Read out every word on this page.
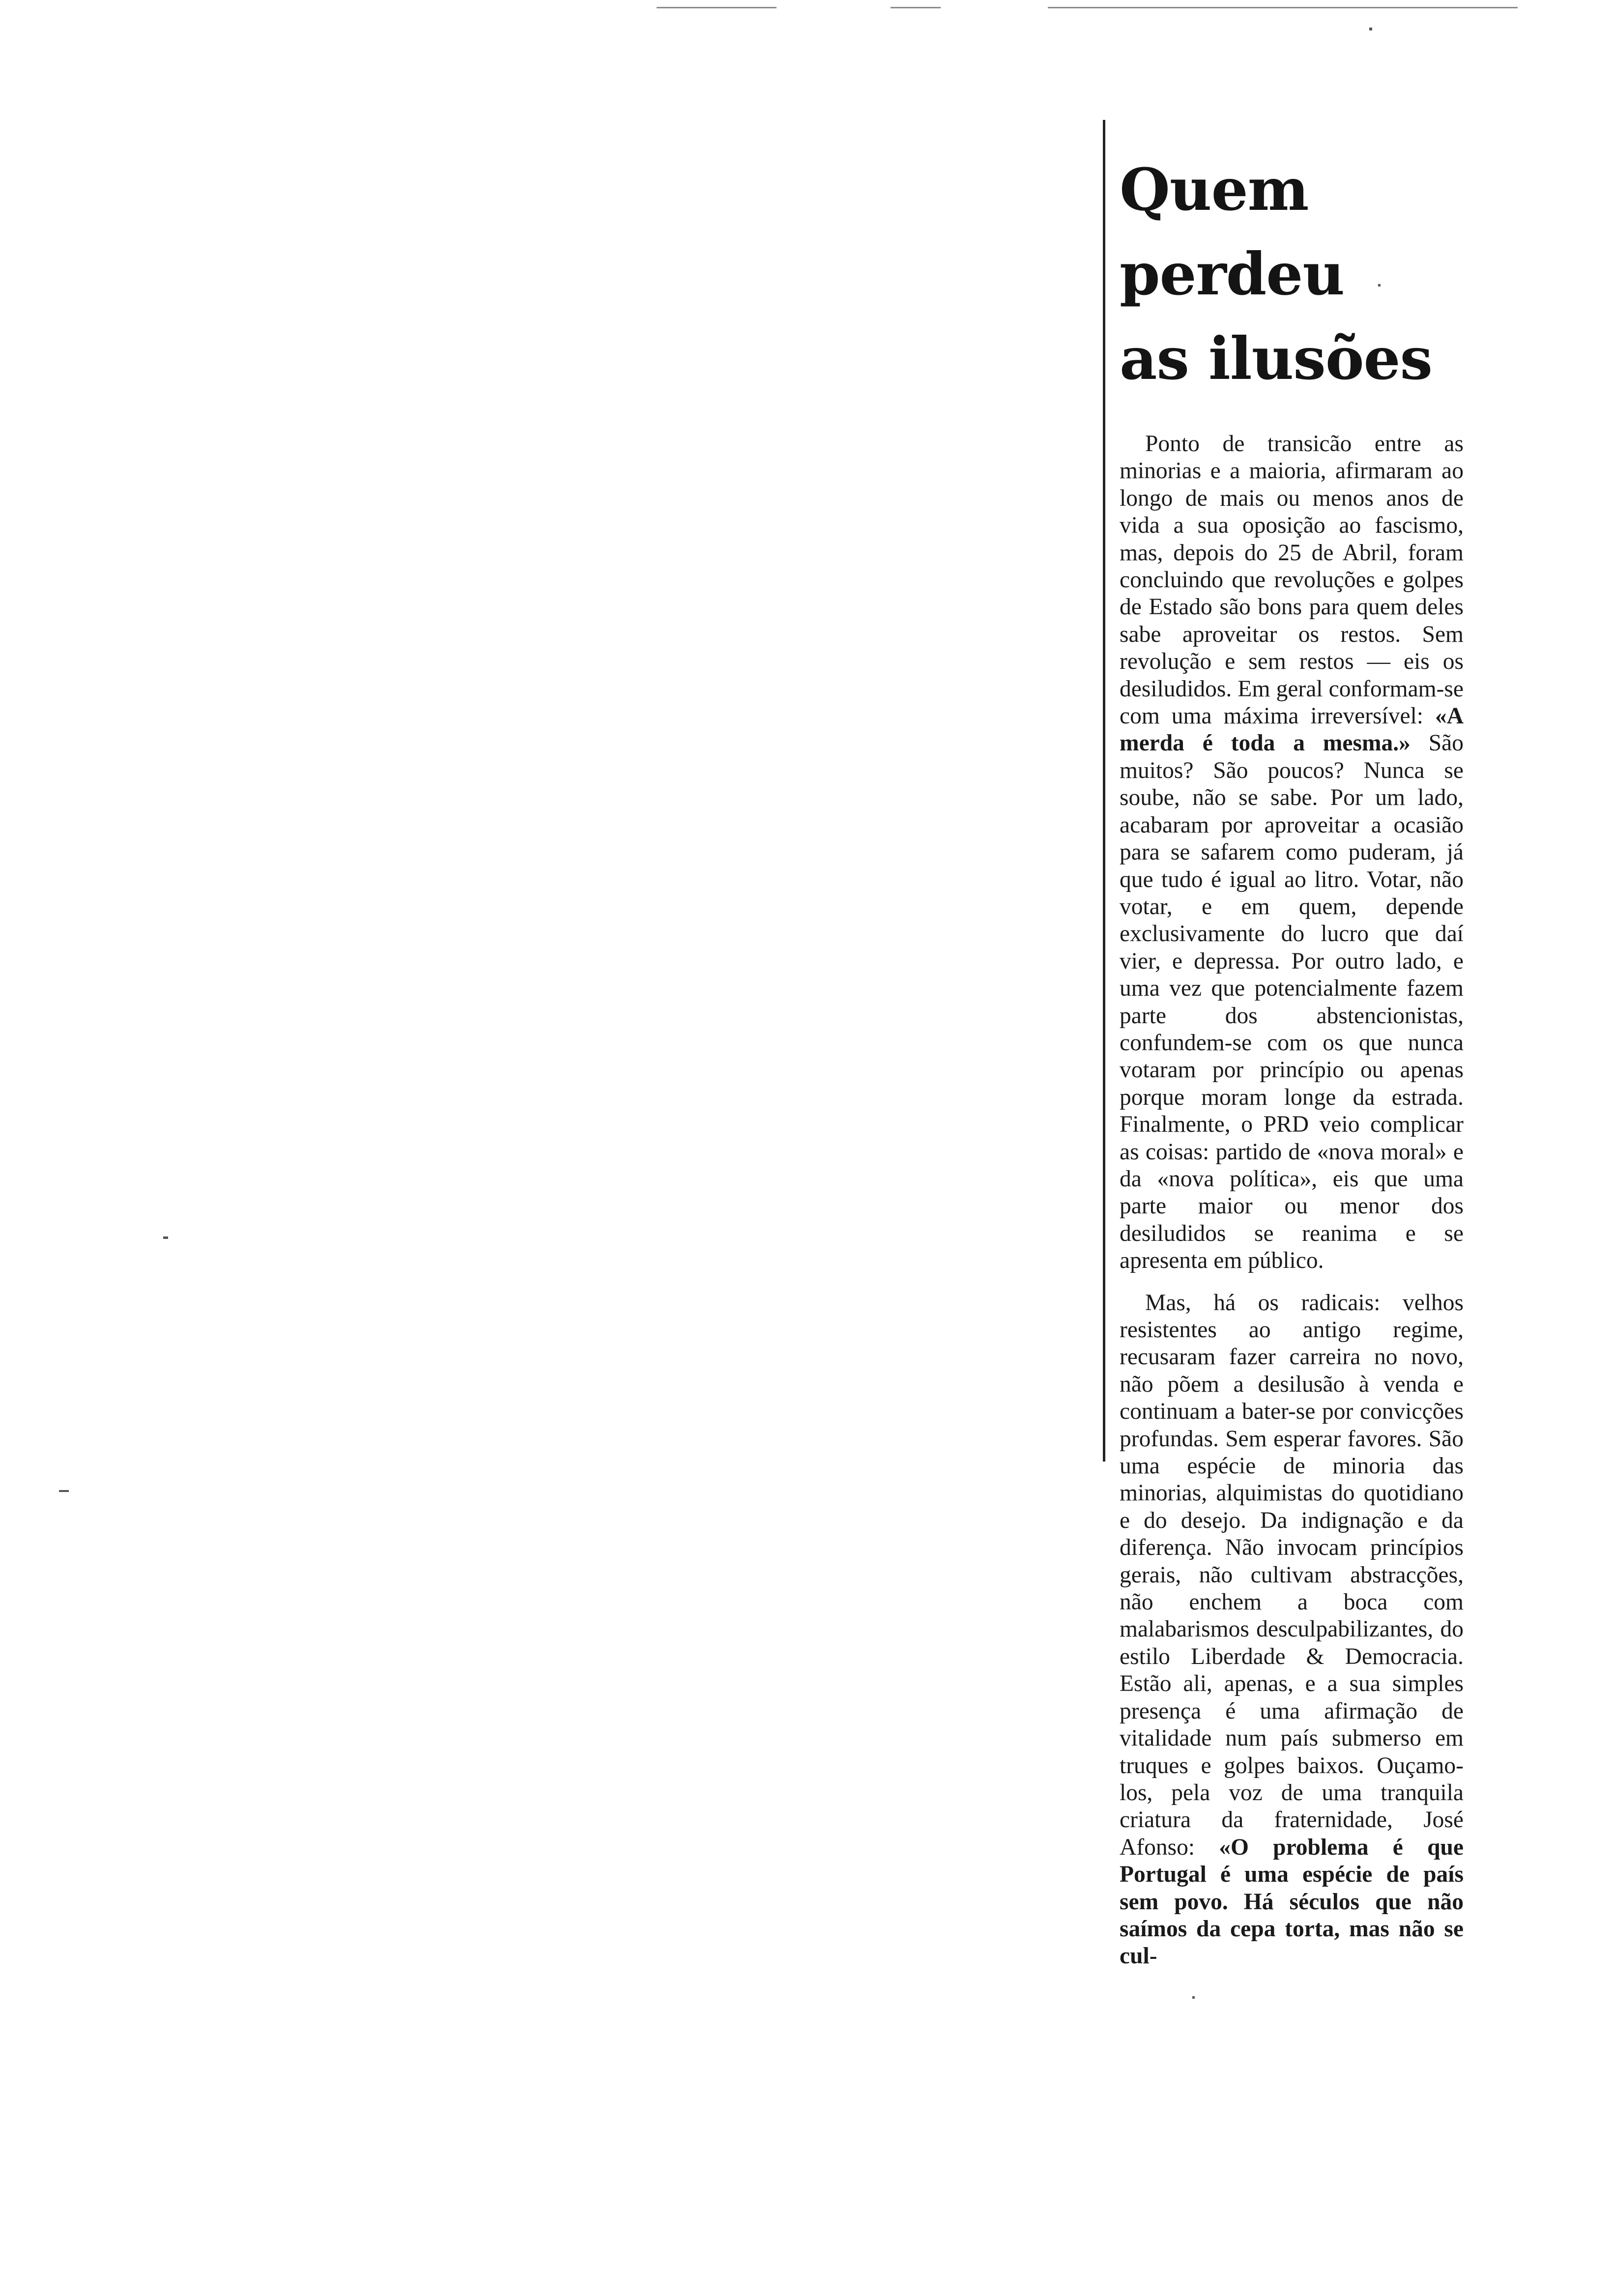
Quem
perdeu
as ilusões

Ponto de transicão entre as minorias e a maioria, afirmaram ao longo de mais ou menos anos de vida a sua oposição ao fascismo, mas, depois do 25 de Abril, foram concluindo que revoluções e golpes de Estado são bons para quem deles sabe aproveitar os restos. Sem revolução e sem restos — eis os desiludidos. Em geral conformam-se com uma máxima irreversível: «A merda é toda a mesma.» São muitos? São poucos? Nunca se soube, não se sabe. Por um lado, acabaram por aproveitar a ocasião para se safarem como puderam, já que tudo é igual ao litro. Votar, não votar, e em quem, depende exclusivamente do lucro que daí vier, e depressa. Por outro lado, e uma vez que potencialmente fazem parte dos abstencionistas, confundem-se com os que nunca votaram por princípio ou apenas porque moram longe da estrada. Finalmente, o PRD veio complicar as coisas: partido de «nova moral» e da «nova política», eis que uma parte maior ou menor dos desiludidos se reanima e se apresenta em público.

Mas, há os radicais: velhos resistentes ao antigo regime, recusaram fazer carreira no novo, não põem a desilusão à venda e continuam a bater-se por convicções profundas. Sem esperar favores. São uma espécie de minoria das minorias, alquimistas do quotidiano e do desejo. Da indignação e da diferença. Não invocam princípios gerais, não cultivam abstracções, não enchem a boca com malabarismos desculpabilizantes, do estilo Liberdade & Democracia. Estão ali, apenas, e a sua simples presença é uma afirmação de vitalidade num país submerso em truques e golpes baixos. Ouçamo-los, pela voz de uma tranquila criatura da fraternidade, José Afonso: «O problema é que Portugal é uma espécie de país sem povo. Há séculos que não saímos da cepa torta, mas não se cul-
